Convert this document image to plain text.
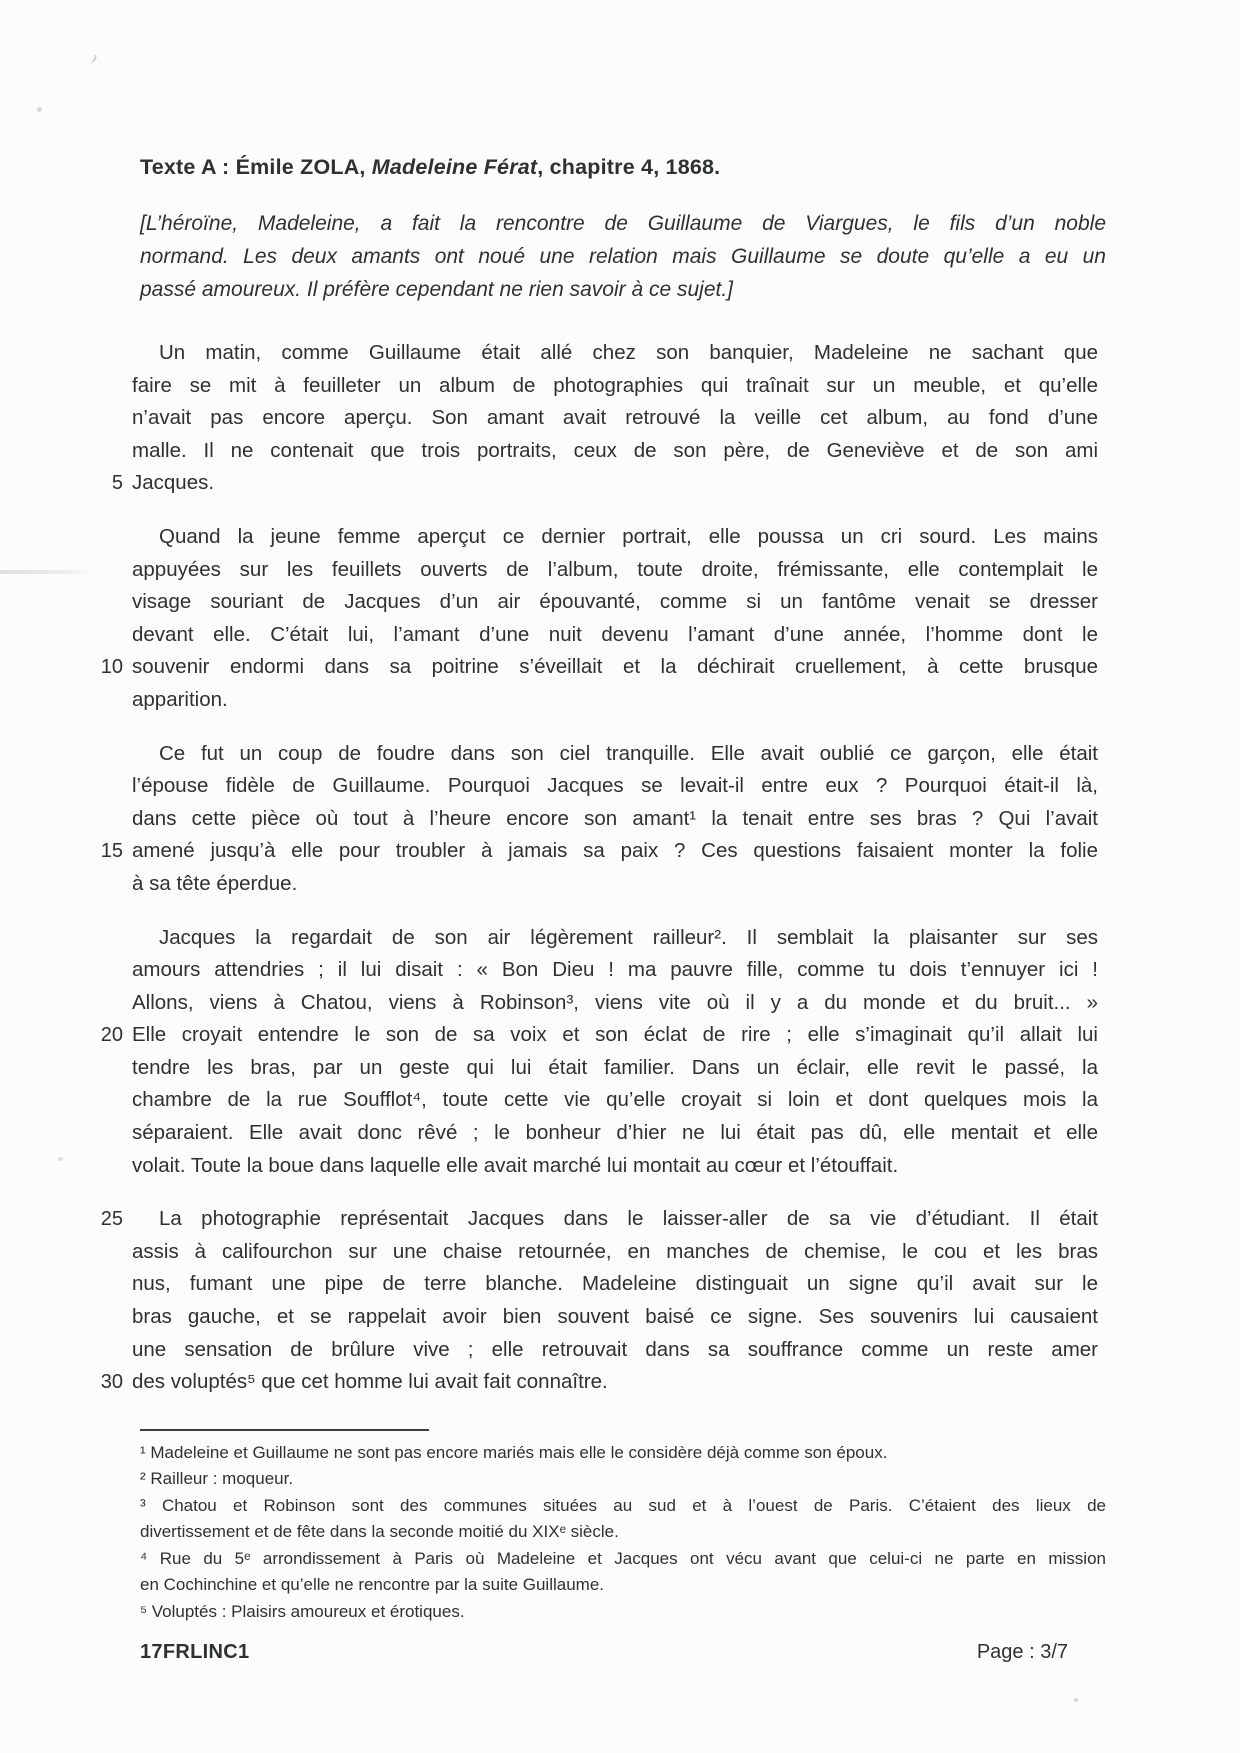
Texte A : Émile ZOLA, Madeleine Férat, chapitre 4, 1868.
[L’héroïne, Madeleine, a fait la rencontre de Guillaume de Viargues, le fils d’un noble
normand. Les deux amants ont noué une relation mais Guillaume se doute qu’elle a eu un
passé amoureux. Il préfère cependant ne rien savoir à ce sujet.]
Un matin, comme Guillaume était allé chez son banquier, Madeleine ne sachant que
faire se mit à feuilleter un album de photographies qui traînait sur un meuble, et qu’elle
n’avait pas encore aperçu. Son amant avait retrouvé la veille cet album, au fond d’une
malle. Il ne contenait que trois portraits, ceux de son père, de Geneviève et de son ami
5 Jacques.
Quand la jeune femme aperçut ce dernier portrait, elle poussa un cri sourd. Les mains
appuyées sur les feuillets ouverts de l’album, toute droite, frémissante, elle contemplait le
visage souriant de Jacques d’un air épouvanté, comme si un fantôme venait se dresser
devant elle. C’était lui, l’amant d’une nuit devenu l’amant d’une année, l’homme dont le
10 souvenir endormi dans sa poitrine s’éveillait et la déchirait cruellement, à cette brusque
apparition.
Ce fut un coup de foudre dans son ciel tranquille. Elle avait oublié ce garçon, elle était
l’épouse fidèle de Guillaume. Pourquoi Jacques se levait-il entre eux ? Pourquoi était-il là,
dans cette pièce où tout à l’heure encore son amant¹ la tenait entre ses bras ? Qui l’avait
15 amené jusqu’à elle pour troubler à jamais sa paix ? Ces questions faisaient monter la folie
à sa tête éperdue.
Jacques la regardait de son air légèrement railleur². Il semblait la plaisanter sur ses
amours attendries ; il lui disait : « Bon Dieu ! ma pauvre fille, comme tu dois t’ennuyer ici !
Allons, viens à Chatou, viens à Robinson³, viens vite où il y a du monde et du bruit... »
20 Elle croyait entendre le son de sa voix et son éclat de rire ; elle s’imaginait qu’il allait lui
tendre les bras, par un geste qui lui était familier. Dans un éclair, elle revit le passé, la
chambre de la rue Soufflot⁴, toute cette vie qu’elle croyait si loin et dont quelques mois la
séparaient. Elle avait donc rêvé ; le bonheur d’hier ne lui était pas dû, elle mentait et elle
volait. Toute la boue dans laquelle elle avait marché lui montait au cœur et l’étouffait.
25	La photographie représentait Jacques dans le laisser-aller de sa vie d’étudiant. Il était
assis à califourchon sur une chaise retournée, en manches de chemise, le cou et les bras
nus, fumant une pipe de terre blanche. Madeleine distinguait un signe qu’il avait sur le
bras gauche, et se rappelait avoir bien souvent baisé ce signe. Ses souvenirs lui causaient
une sensation de brûlure vive ; elle retrouvait dans sa souffrance comme un reste amer
30 des voluptés⁵ que cet homme lui avait fait connaître.
¹ Madeleine et Guillaume ne sont pas encore mariés mais elle le considère déjà comme son époux.
² Railleur : moqueur.
³ Chatou et Robinson sont des communes situées au sud et à l’ouest de Paris. C’étaient des lieux de
divertissement et de fête dans la seconde moitié du XIXᵉ siècle.
⁴ Rue du 5ᵉ arrondissement à Paris où Madeleine et Jacques ont vécu avant que celui-ci ne parte en mission
en Cochinchine et qu’elle ne rencontre par la suite Guillaume.
⁵ Voluptés : Plaisirs amoureux et érotiques.
17FRLINC1	Page : 3/7
